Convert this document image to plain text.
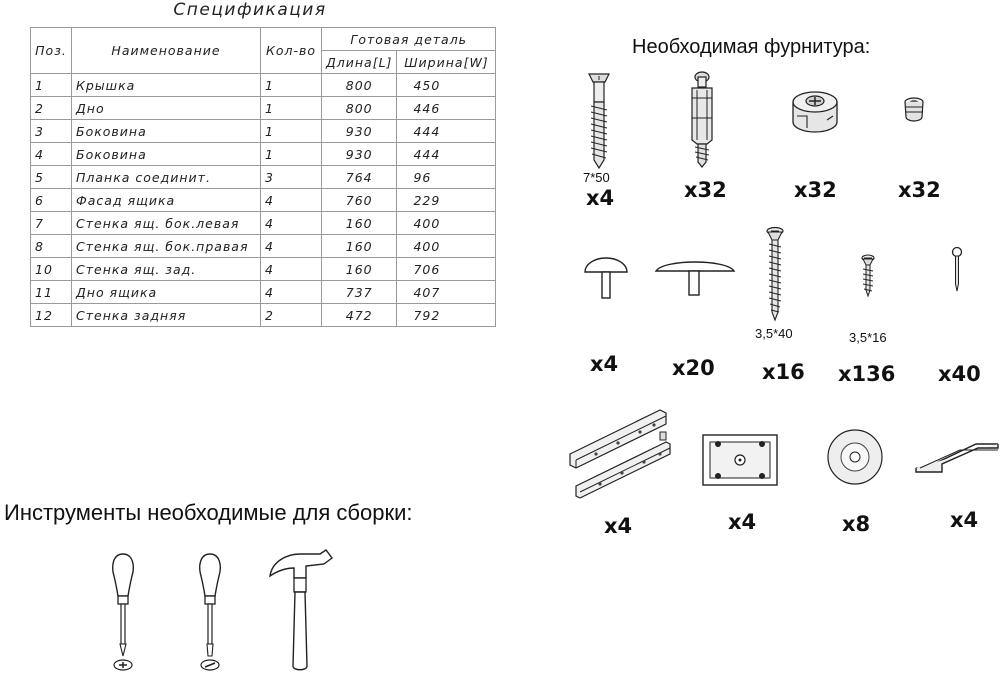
Спецификация
Поз.	Наименование	Кол-во	Готовая деталь	
			Длина[L]	Ширина[W]
1	Крышка	1	800	450
2	Дно	1	800	446
3	Боковина	1	930	444
4	Боковина	1	930	444
5	Планка соединит.	3	764	96
6	Фасад ящика	4	760	229
7	Стенка ящ. бок.левая	4	160	400
8	Стенка ящ. бок.правая	4	160	400
10	Стенка ящ. зад.	4	160	706
11	Дно ящика	4	737	407
12	Стенка задняя	2	472	792
Необходимая фурнитура:
7*50
x4	x32	x32	x32
x4	x20
3,5*40
x16
3,5*16
x136 x40
x4	x4	x8	x4
Инструменты необходимые для сборки:
